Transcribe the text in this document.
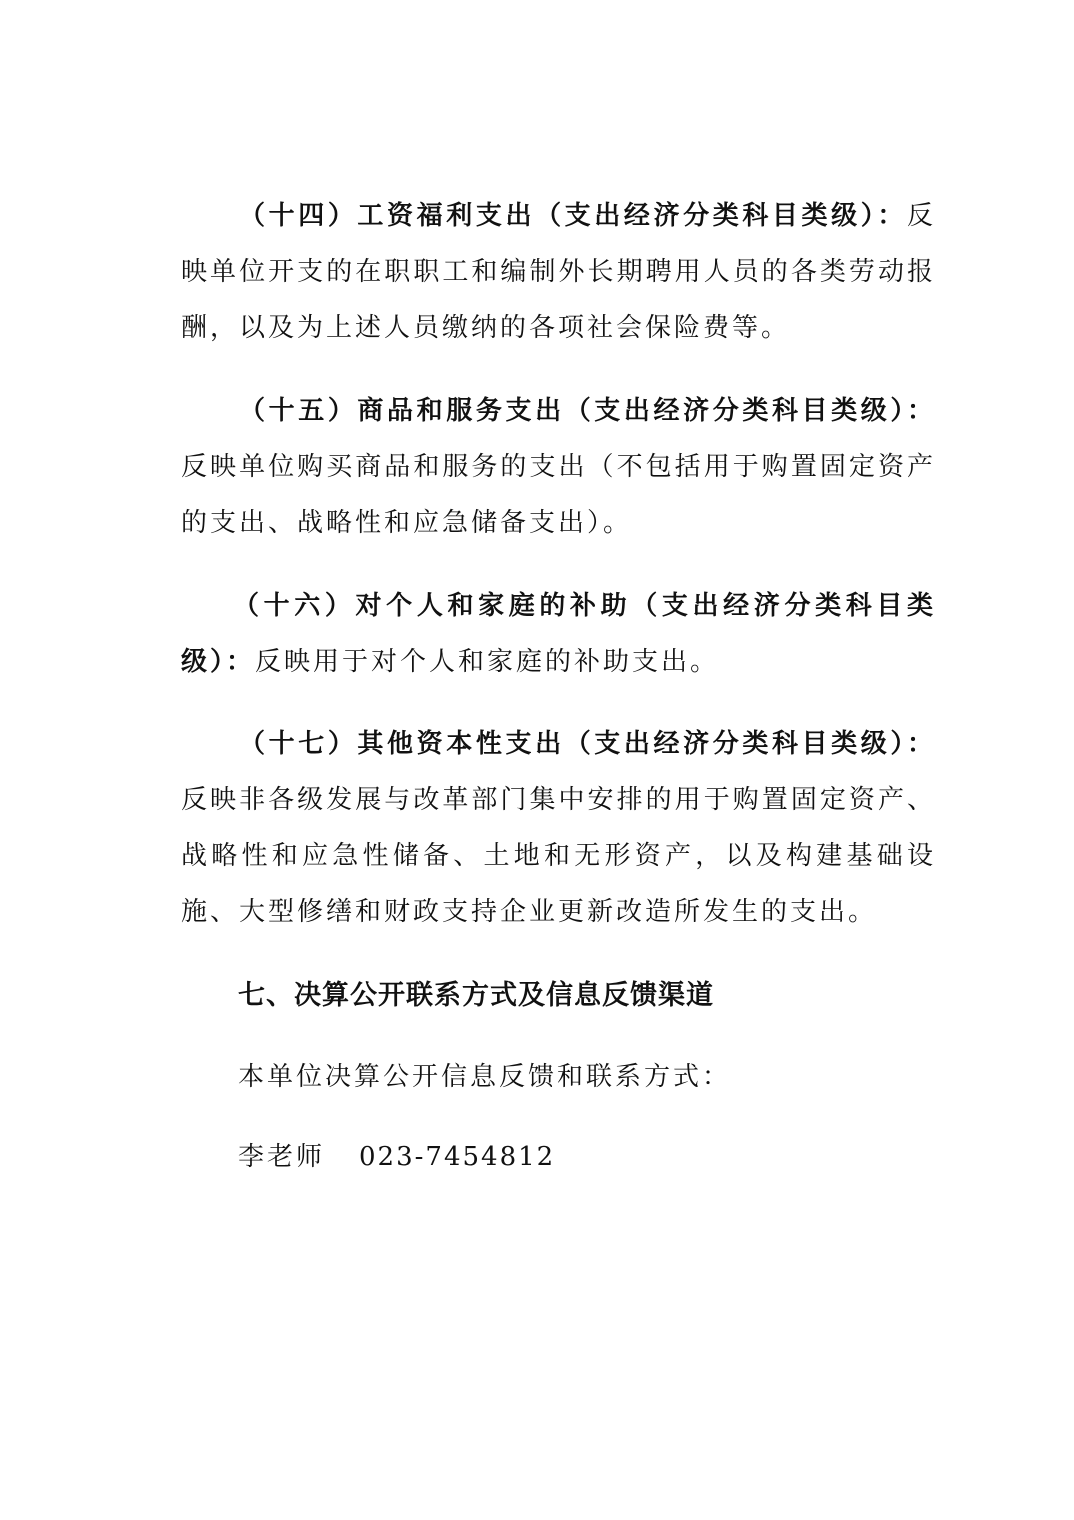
（十四）工资福利支出（支出经济分类科目类级）：反映单位开支的在职职工和编制外长期聘用人员的各类劳动报酬，以及为上述人员缴纳的各项社会保险费等。

（十五）商品和服务支出（支出经济分类科目类级）：反映单位购买商品和服务的支出（不包括用于购置固定资产的支出、战略性和应急储备支出）。

（十六）对个人和家庭的补助（支出经济分类科目类级）：反映用于对个人和家庭的补助支出。

（十七）其他资本性支出（支出经济分类科目类级）：反映非各级发展与改革部门集中安排的用于购置固定资产、战略性和应急性储备、土地和无形资产，以及构建基础设施、大型修缮和财政支持企业更新改造所发生的支出。

七、决算公开联系方式及信息反馈渠道

本单位决算公开信息反馈和联系方式：

李老师 023-7454812
